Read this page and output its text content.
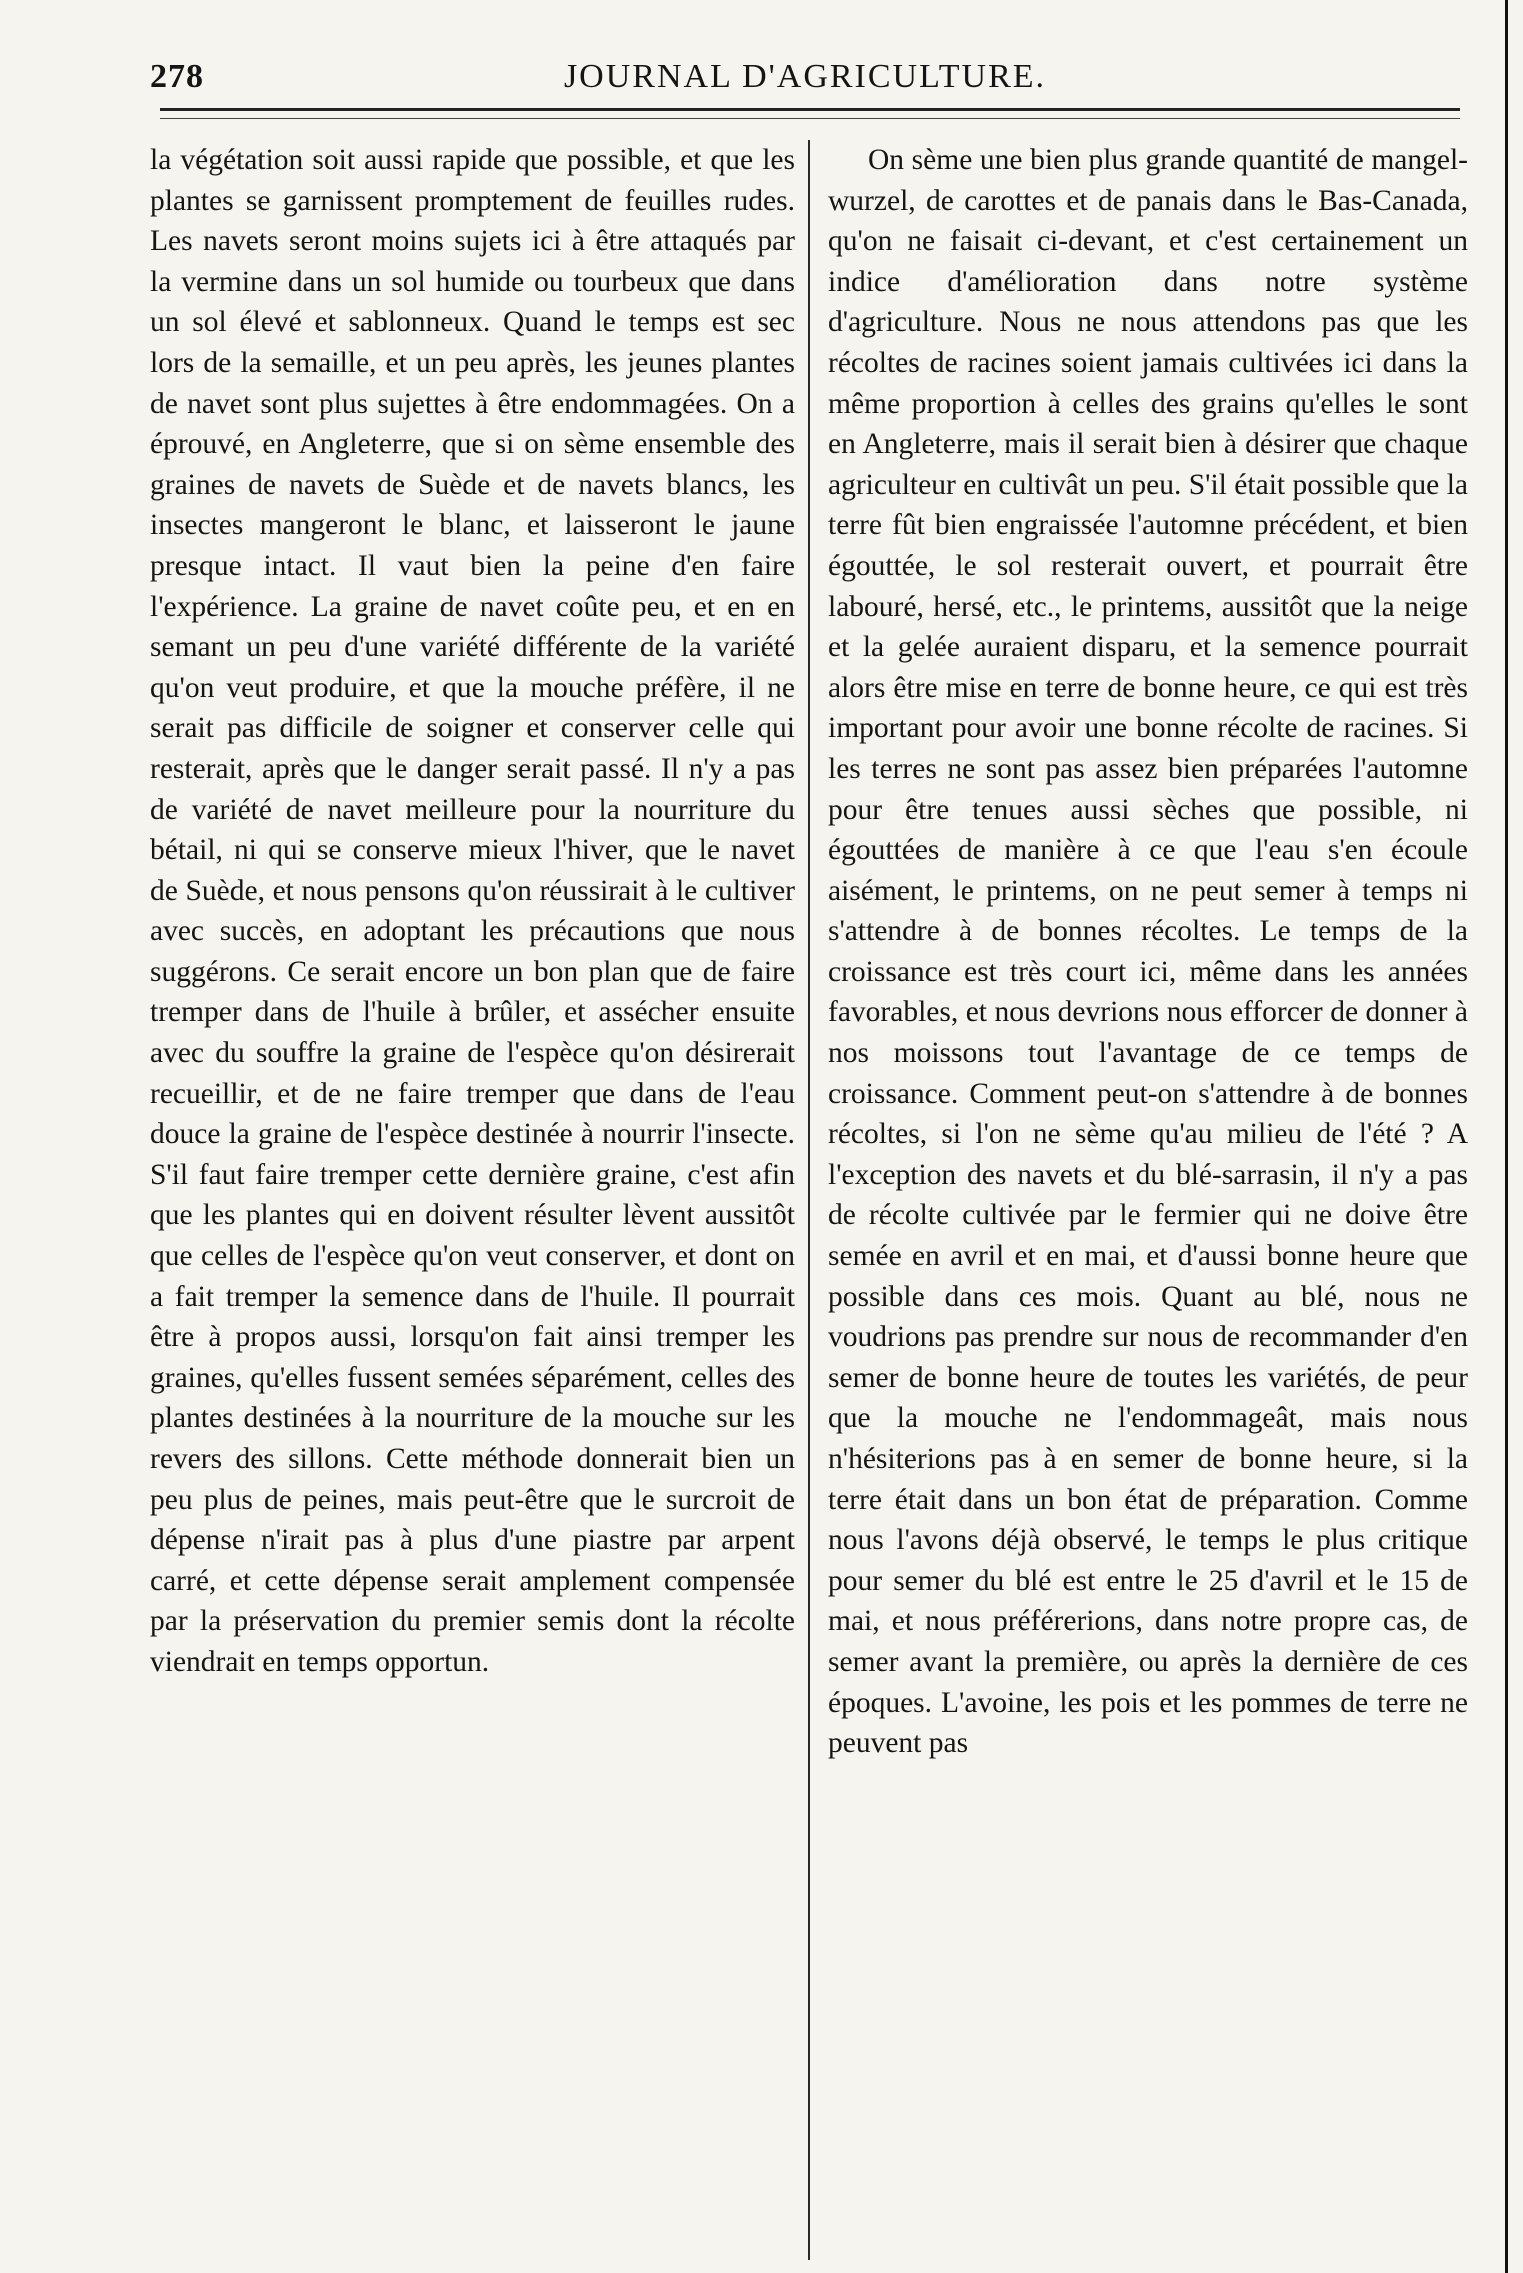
278	JOURNAL D'AGRICULTURE.

la végétation soit aussi rapide que possible, et que les plantes se garnissent promptement de feuilles rudes. Les navets seront moins sujets ici à être attaqués par la vermine dans un sol humide ou tourbeux que dans un sol élevé et sablonneux. Quand le temps est sec lors de la semaille, et un peu après, les jeunes plantes de navet sont plus sujettes à être endommagées. On a éprouvé, en Angleterre, que si on sème ensemble des graines de navets de Suède et de navets blancs, les insectes mangeront le blanc, et laisseront le jaune presque intact. Il vaut bien la peine d'en faire l'expérience. La graine de navet coûte peu, et en en semant un peu d'une variété différente de la variété qu'on veut produire, et que la mouche préfère, il ne serait pas difficile de soigner et conserver celle qui resterait, après que le danger serait passé. Il n'y a pas de variété de navet meilleure pour la nourriture du bétail, ni qui se conserve mieux l'hiver, que le navet de Suède, et nous pensons qu'on réussirait à le cultiver avec succès, en adoptant les précautions que nous suggérons. Ce serait encore un bon plan que de faire tremper dans de l'huile à brûler, et assécher ensuite avec du souffre la graine de l'espèce qu'on désirerait recueillir, et de ne faire tremper que dans de l'eau douce la graine de l'espèce destinée à nourrir l'insecte. S'il faut faire tremper cette dernière graine, c'est afin que les plantes qui en doivent résulter lèvent aussitôt que celles de l'espèce qu'on veut conserver, et dont on a fait tremper la semence dans de l'huile. Il pourrait être à propos aussi, lorsqu'on fait ainsi tremper les graines, qu'elles fussent semées séparément, celles des plantes destinées à la nourriture de la mouche sur les revers des sillons. Cette méthode donnerait bien un peu plus de peines, mais peut-être que le surcroit de dépense n'irait pas à plus d'une piastre par arpent carré, et cette dépense serait amplement compensée par la préservation du premier semis dont la récolte viendrait en temps opportun.

On sème une bien plus grande quantité de mangel-wurzel, de carottes et de panais dans le Bas-Canada, qu'on ne faisait ci-devant, et c'est certainement un indice d'amélioration dans notre système d'agriculture. Nous ne nous attendons pas que les récoltes de racines soient jamais cultivées ici dans la même proportion à celles des grains qu'elles le sont en Angleterre, mais il serait bien à désirer que chaque agriculteur en cultivât un peu. S'il était possible que la terre fût bien engraissée l'automne précédent, et bien égouttée, le sol resterait ouvert, et pourrait être labouré, hersé, etc., le printems, aussitôt que la neige et la gelée auraient disparu, et la semence pourrait alors être mise en terre de bonne heure, ce qui est très important pour avoir une bonne récolte de racines. Si les terres ne sont pas assez bien préparées l'automne pour être tenues aussi sèches que possible, ni égouttées de manière à ce que l'eau s'en écoule aisément, le printems, on ne peut semer à temps ni s'attendre à de bonnes récoltes. Le temps de la croissance est très court ici, même dans les années favorables, et nous devrions nous efforcer de donner à nos moissons tout l'avantage de ce temps de croissance. Comment peut-on s'attendre à de bonnes récoltes, si l'on ne sème qu'au milieu de l'été ? A l'exception des navets et du blé-sarrasin, il n'y a pas de récolte cultivée par le fermier qui ne doive être semée en avril et en mai, et d'aussi bonne heure que possible dans ces mois. Quant au blé, nous ne voudrions pas prendre sur nous de recommander d'en semer de bonne heure de toutes les variétés, de peur que la mouche ne l'endommageât, mais nous n'hésiterions pas à en semer de bonne heure, si la terre était dans un bon état de préparation. Comme nous l'avons déjà observé, le temps le plus critique pour semer du blé est entre le 25 d'avril et le 15 de mai, et nous préférerions, dans notre propre cas, de semer avant la première, ou après la dernière de ces époques. L'avoine, les pois et les pommes de terre ne peuvent pas
